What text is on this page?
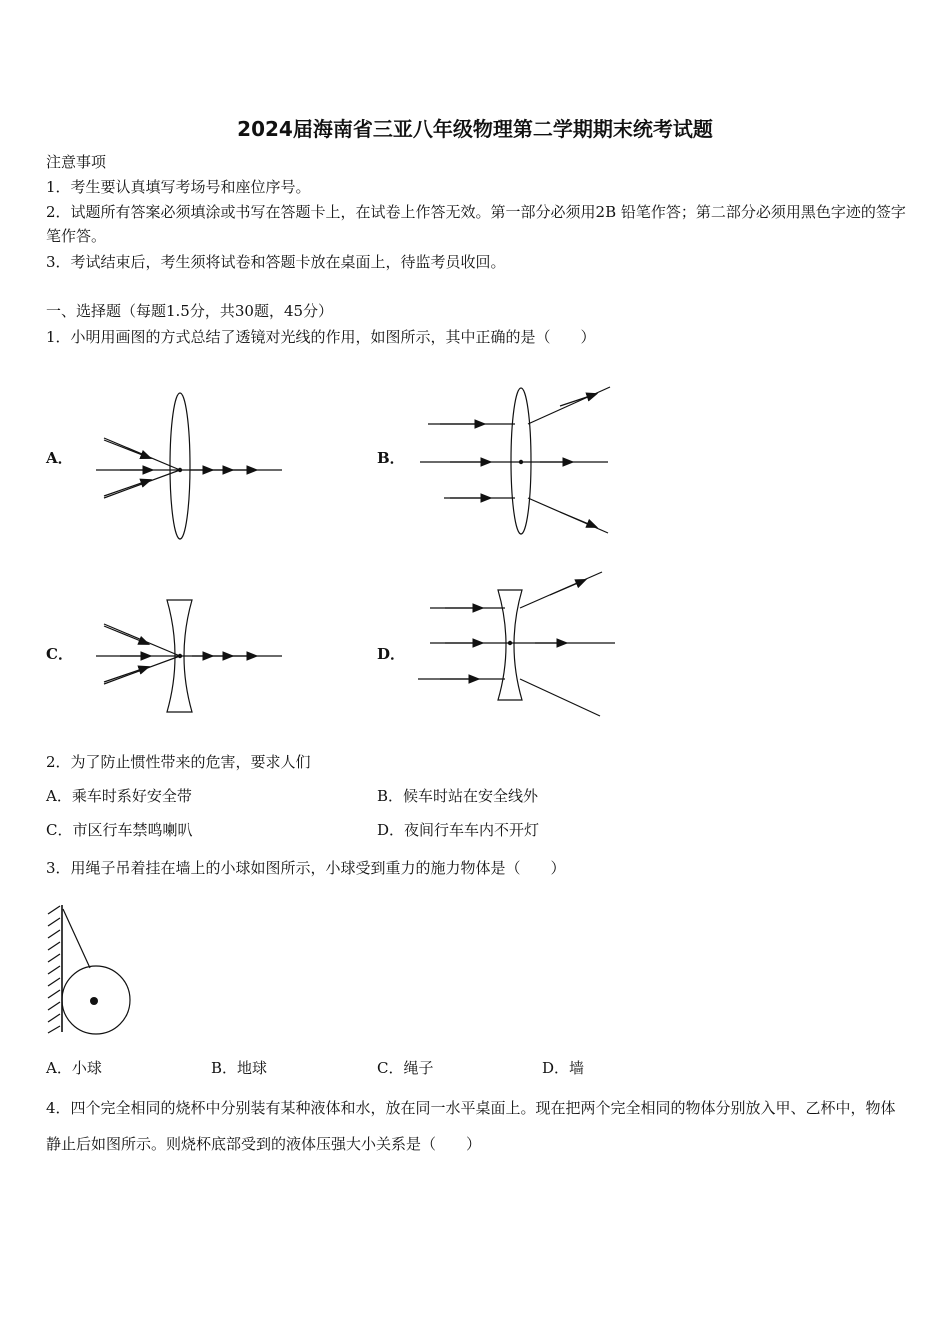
2024届海南省三亚八年级物理第二学期期末统考试题
注意事项
1．考生要认真填写考场号和座位序号。
2．试题所有答案必须填涂或书写在答题卡上，在试卷上作答无效。第一部分必须用2B 铅笔作答；第二部分必须用黑色字迹的签字笔作答。
3．考试结束后，考生须将试卷和答题卡放在桌面上，待监考员收回。
一、选择题（每题1.5分，共30题，45分）
1．小明用画图的方式总结了透镜对光线的作用，如图所示，其中正确的是（　　）
A．	B．
C．	D．
2．为了防止惯性带来的危害，要求人们
A．乘车时系好安全带	B．候车时站在安全线外
C．市区行车禁鸣喇叭	D．夜间行车车内不开灯
3．用绳子吊着挂在墙上的小球如图所示，小球受到重力的施力物体是（　　）
A．小球	B．地球	C．绳子	D．墙
4．四个完全相同的烧杯中分别装有某种液体和水，放在同一水平桌面上。现在把两个完全相同的物体分别放入甲、乙杯中，物体静止后如图所示。则烧杯底部受到的液体压强大小关系是（　　）
